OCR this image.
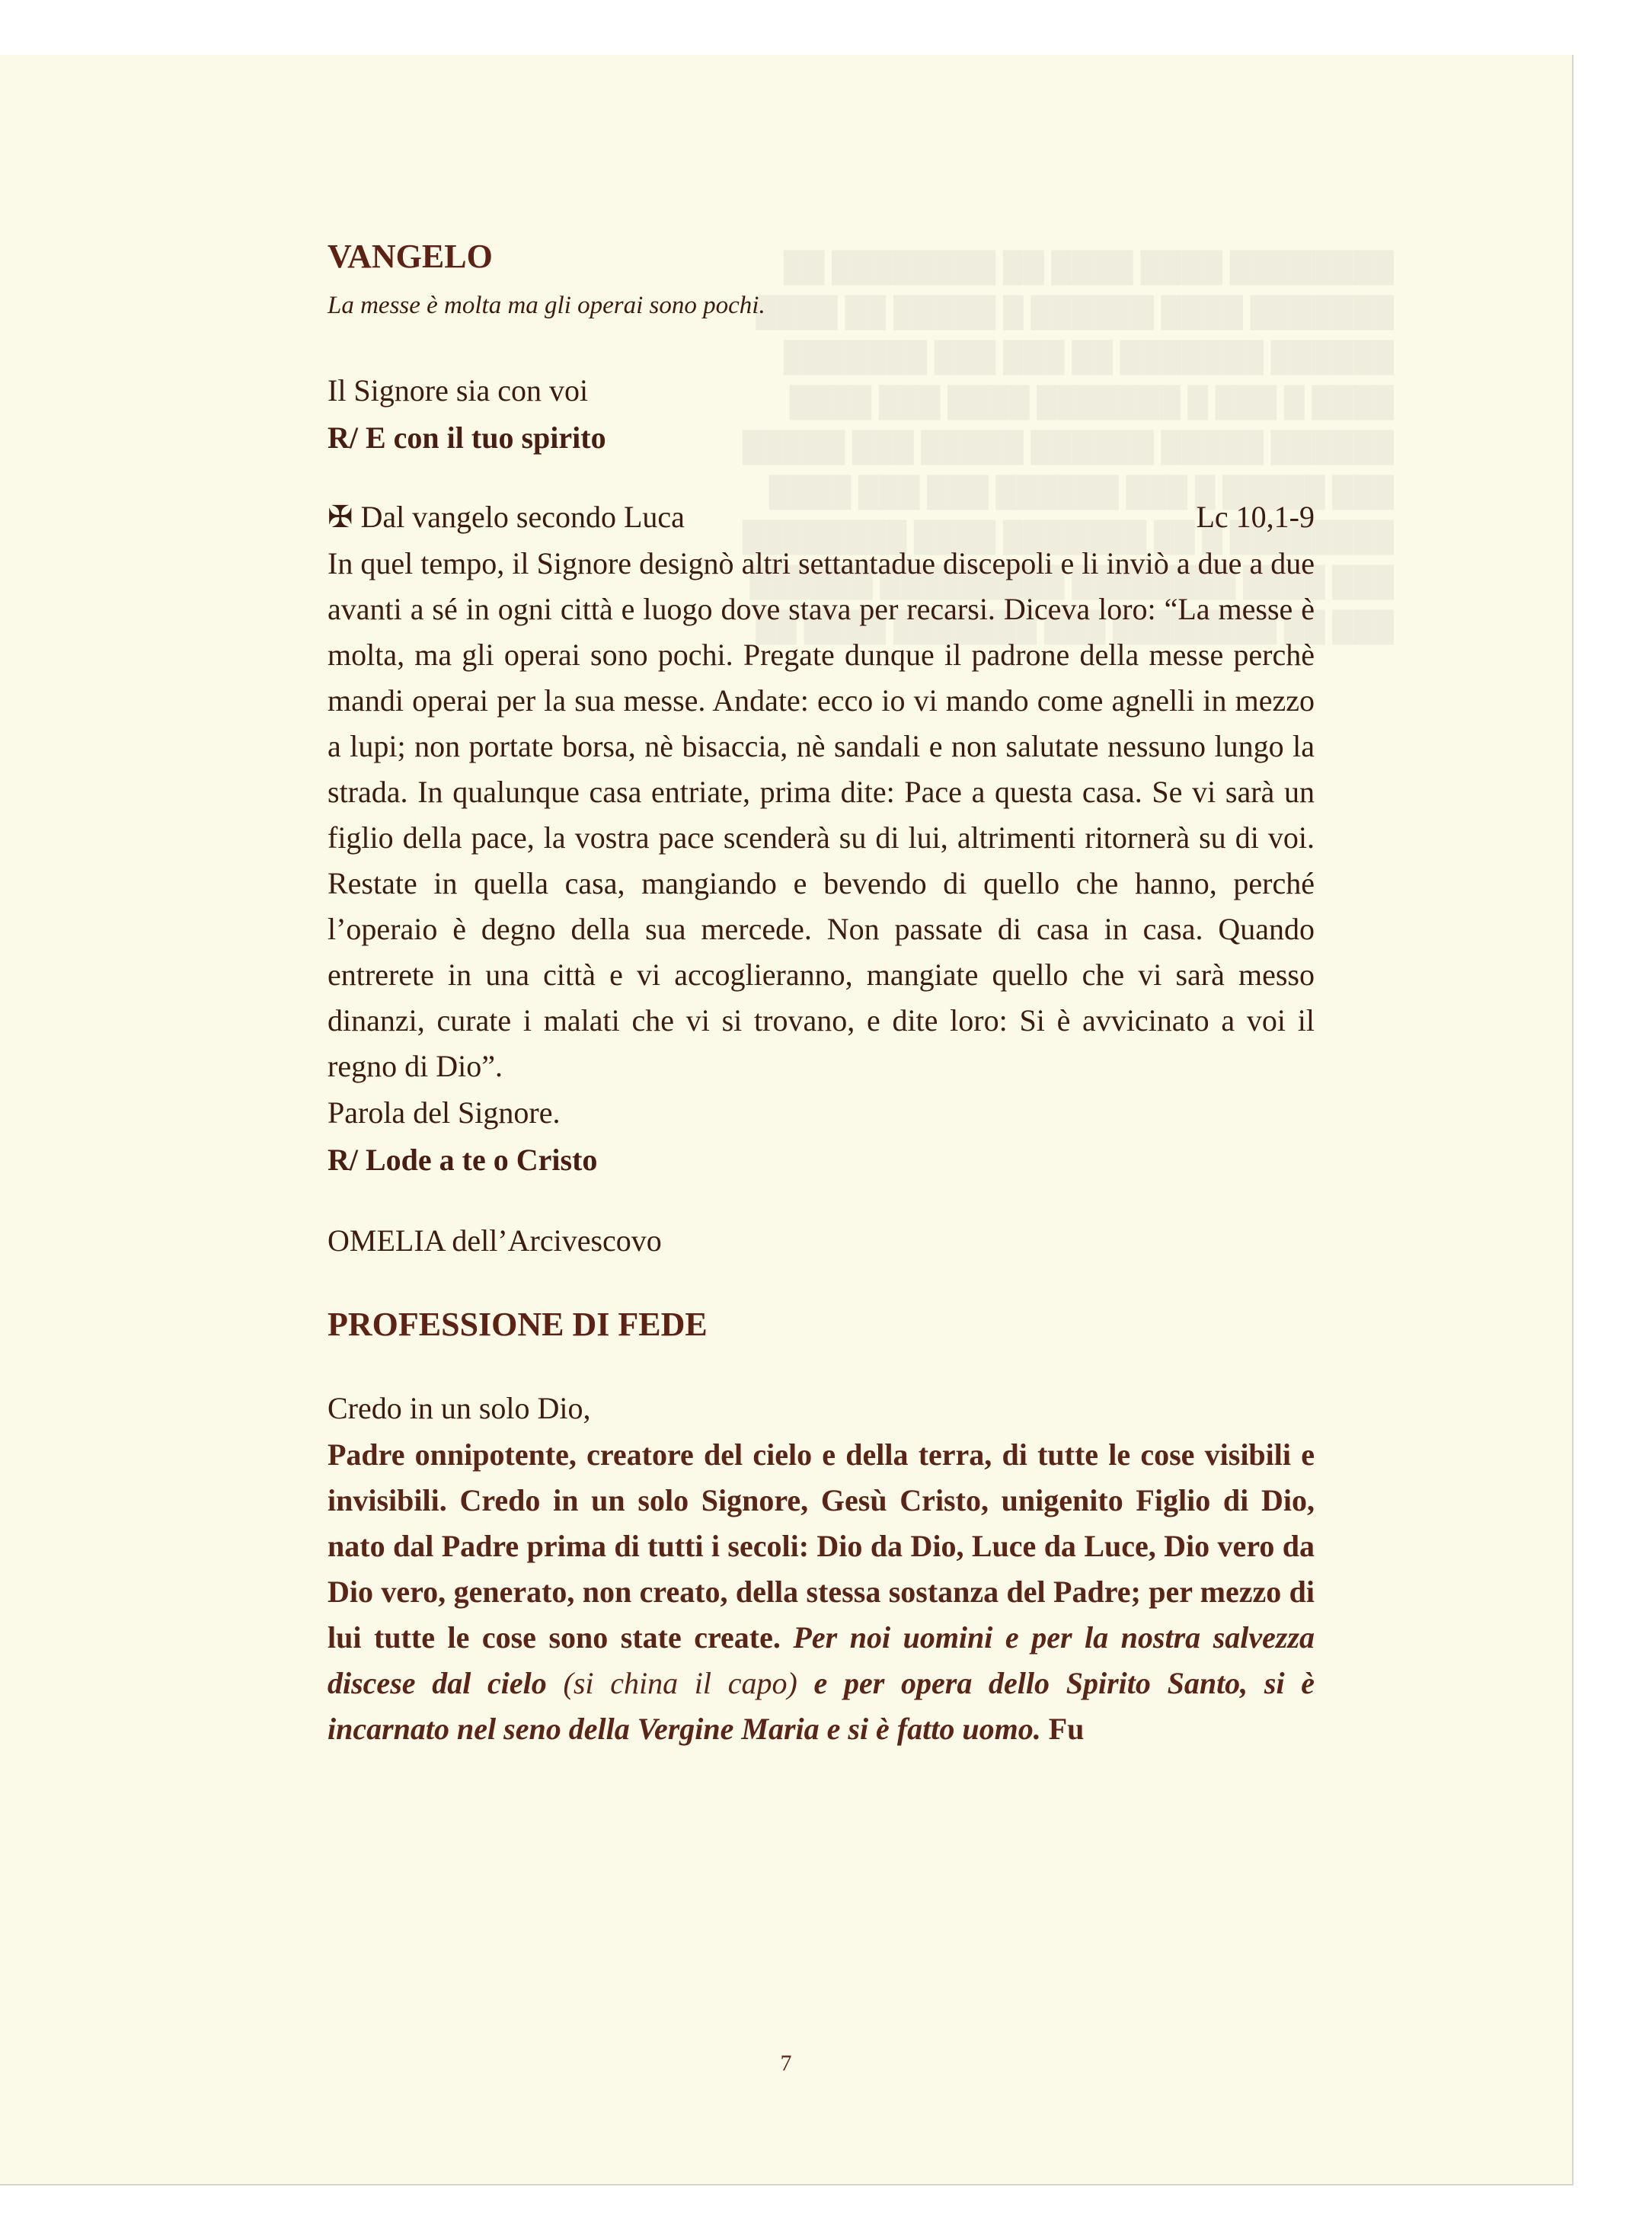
VANGELO

La messe è molta ma gli operai sono pochi.

Il Signore sia con voi

R/ E con il tuo spirito

✠ Dal vangelo secondo Luca	Lc 10,1-9

In quel tempo, il Signore designò altri settantadue discepoli e li inviò a due a due avanti a sé in ogni città e luogo dove stava per recarsi. Diceva loro: “La messe è molta, ma gli operai sono pochi. Pregate dunque il padrone della messe perchè mandi operai per la sua messe. Andate: ecco io vi mando come agnelli in mezzo a lupi; non portate borsa, nè bisaccia, nè sandali e non salutate nessuno lungo la strada. In qualunque casa entriate, prima dite: Pace a questa casa. Se vi sarà un figlio della pace, la vostra pace scenderà su di lui, altrimenti ritornerà su di voi. Restate in quella casa, mangiando e bevendo di quello che hanno, perché l’operaio è degno della sua mercede. Non passate di casa in casa. Quando entrerete in una città e vi accoglieranno, mangiate quello che vi sarà messo dinanzi, curate i malati che vi si trovano, e dite loro: Si è avvicinato a voi il regno di Dio”.

Parola del Signore.

R/ Lode a te o Cristo

OMELIA dell’Arcivescovo

PROFESSIONE DI FEDE

Credo in un solo Dio,

Padre onnipotente, creatore del cielo e della terra, di tutte le cose visibili e invisibili. Credo in un solo Signore, Gesù Cristo, unigenito Figlio di Dio, nato dal Padre prima di tutti i secoli: Dio da Dio, Luce da Luce, Dio vero da Dio vero, generato, non creato, della stessa sostanza del Padre; per mezzo di lui tutte le cose sono state create. Per noi uomini e per la nostra salvezza discese dal cielo (si china il capo) e per opera dello Spirito Santo, si è incarnato nel seno della Vergine Maria e si è fatto uomo. Fu

7
